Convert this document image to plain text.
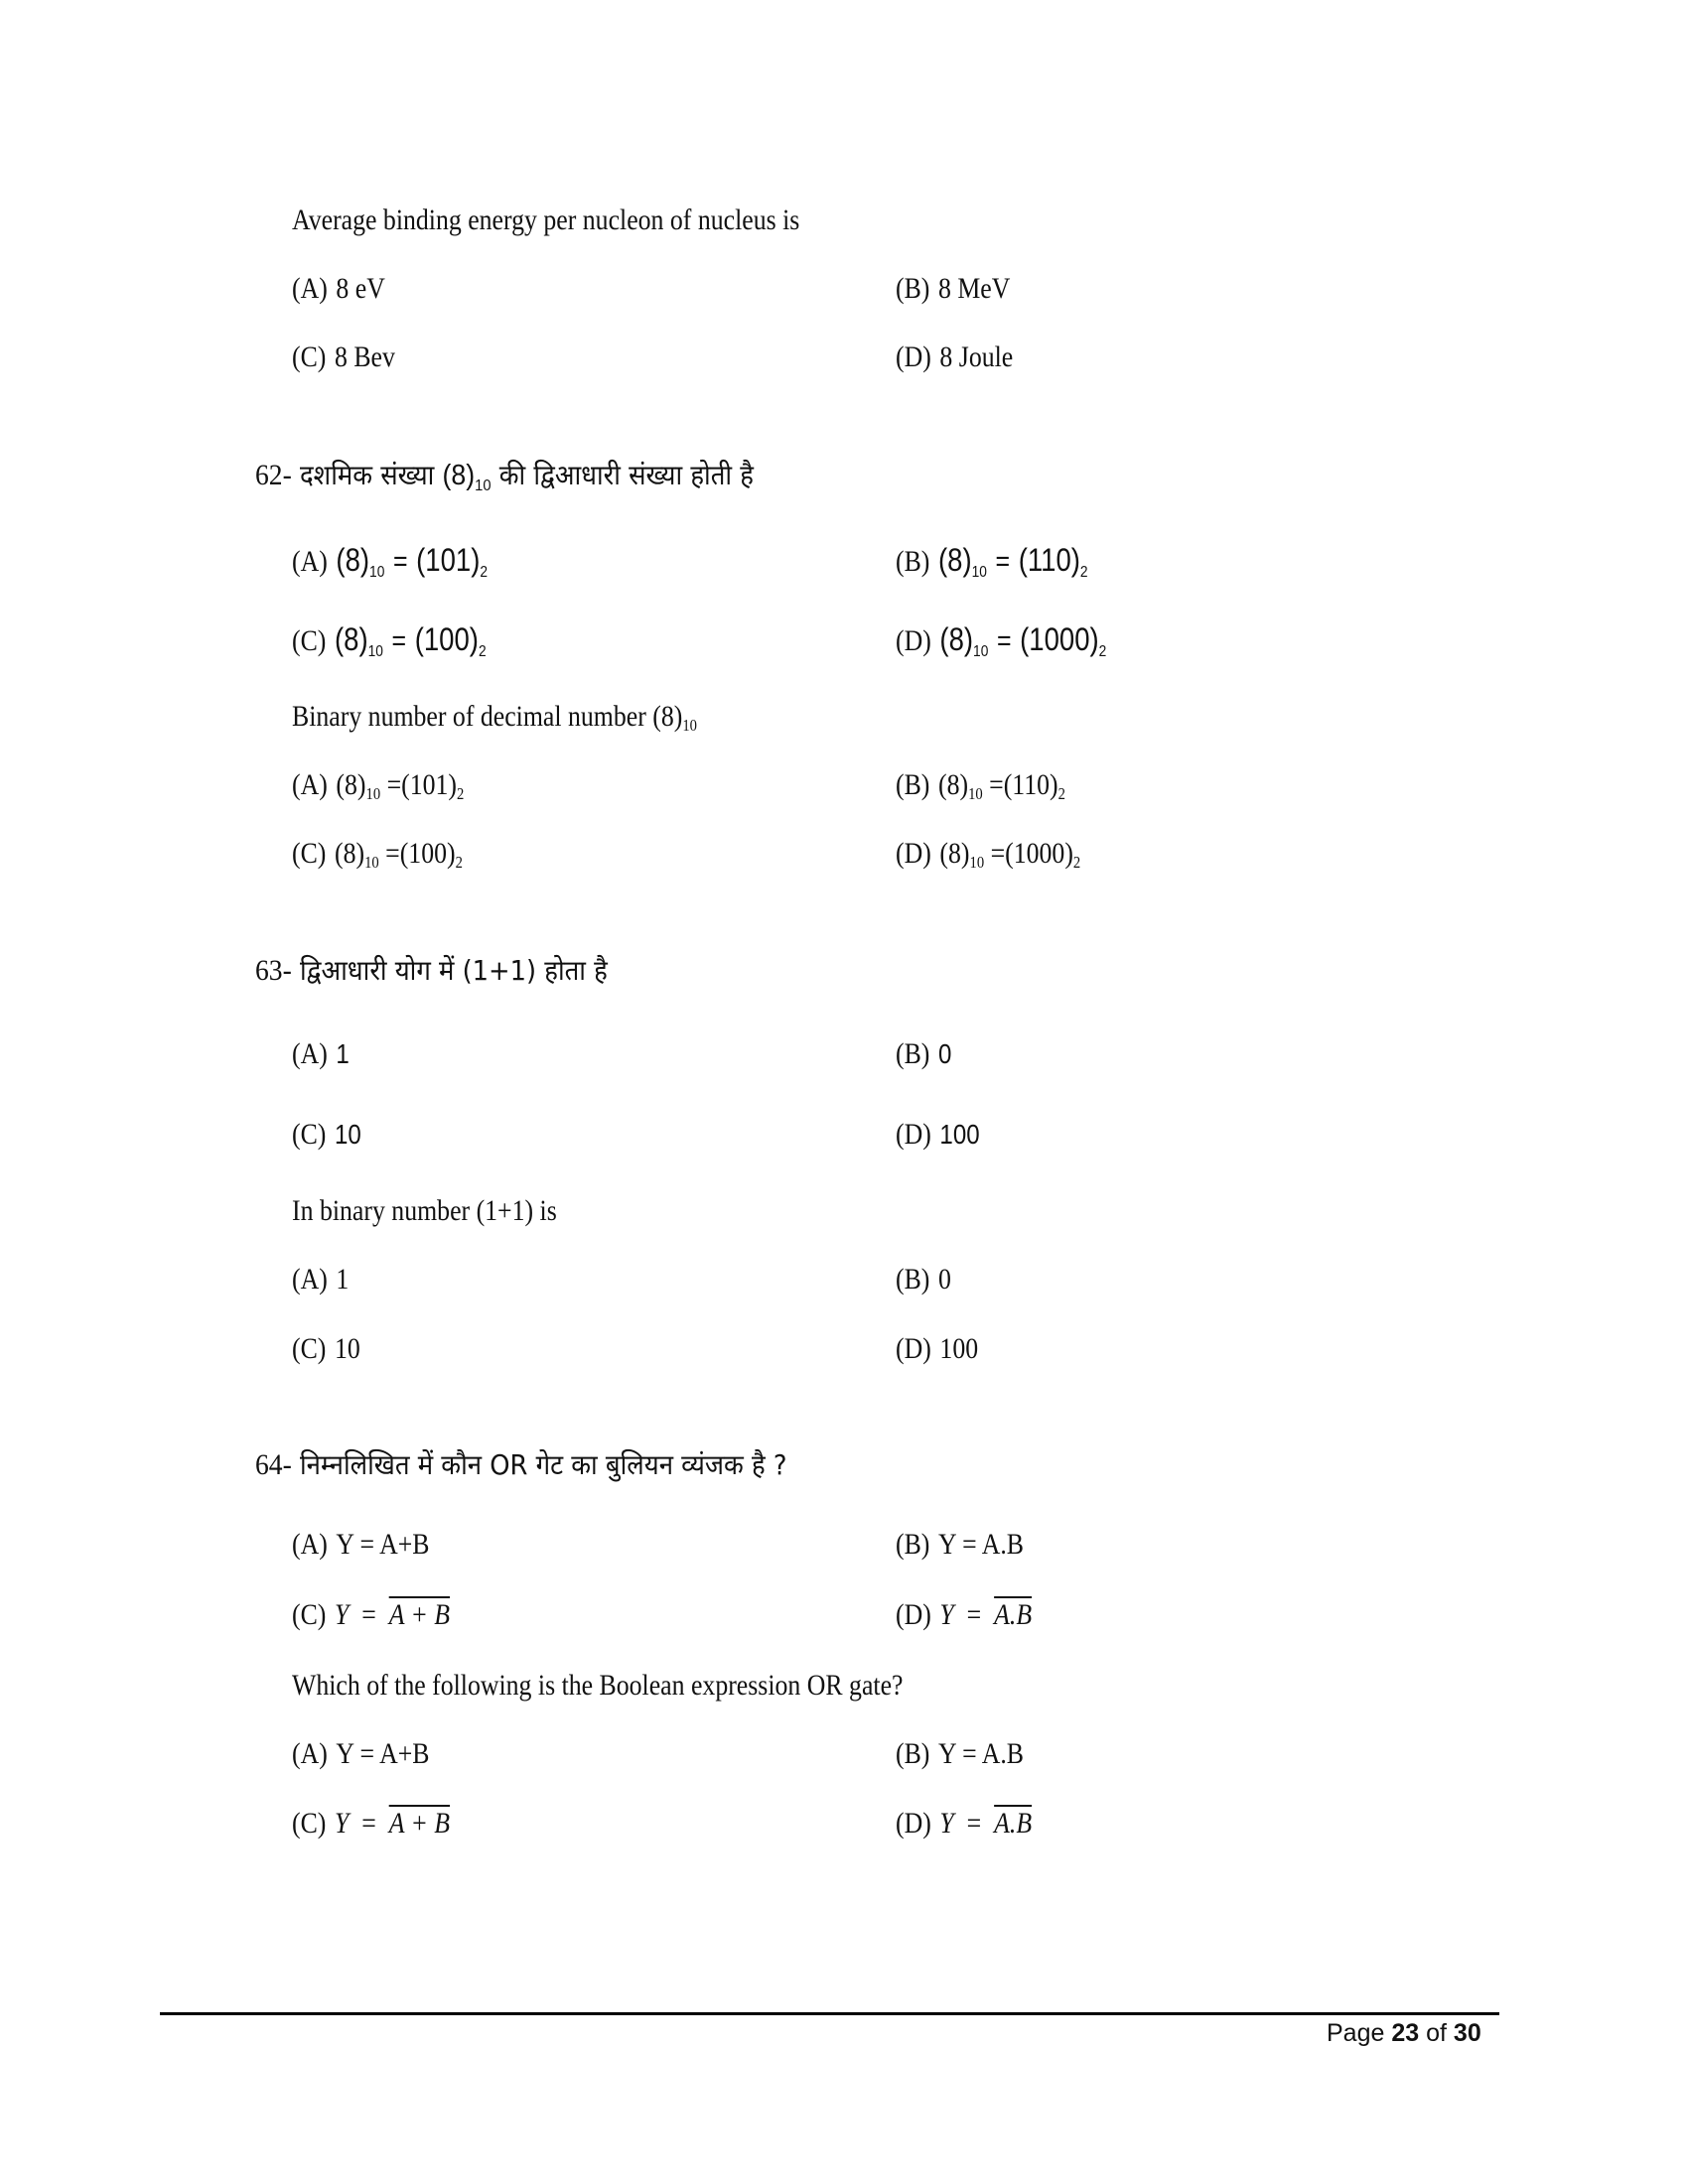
Average binding energy per nucleon of nucleus is
(A) 8 eV	(B) 8 MeV
(C) 8 Bev	(D) 8 Joule
62- दशमिक संख्या $(8)_{10}$ की द्विआधारी संख्या होती है
(A) $(8)_{10} = (101)_2$	(B) $(8)_{10} = (110)_2$
(C) $(8)_{10} = (100)_2$	(D) $(8)_{10} = (1000)_2$
Binary number of decimal number $(8)_{10}$
(A) $(8)_{10} =(101)_2$	(B) $(8)_{10} =(110)_2$
(C) $(8)_{10} =(100)_2$	(D) $(8)_{10} =(1000)_2$
63- द्विआधारी योग में (1+1) होता है
(A) 1	(B) 0
(C) 10	(D) 100
In binary number (1+1) is
(A) 1	(B) 0
(C) 10	(D) 100
64- निम्नलिखित में कौन OR गेट का बुलियन व्यंजक है ?
(A) Y = A+B	(B) Y = A.B
(C) Y = A + B	(D) Y = A.B
Which of the following is the Boolean expression OR gate?
(A) Y = A+B	(B) Y = A.B
(C) Y = A + B	(D) Y = A.B
Page 23 of 30
